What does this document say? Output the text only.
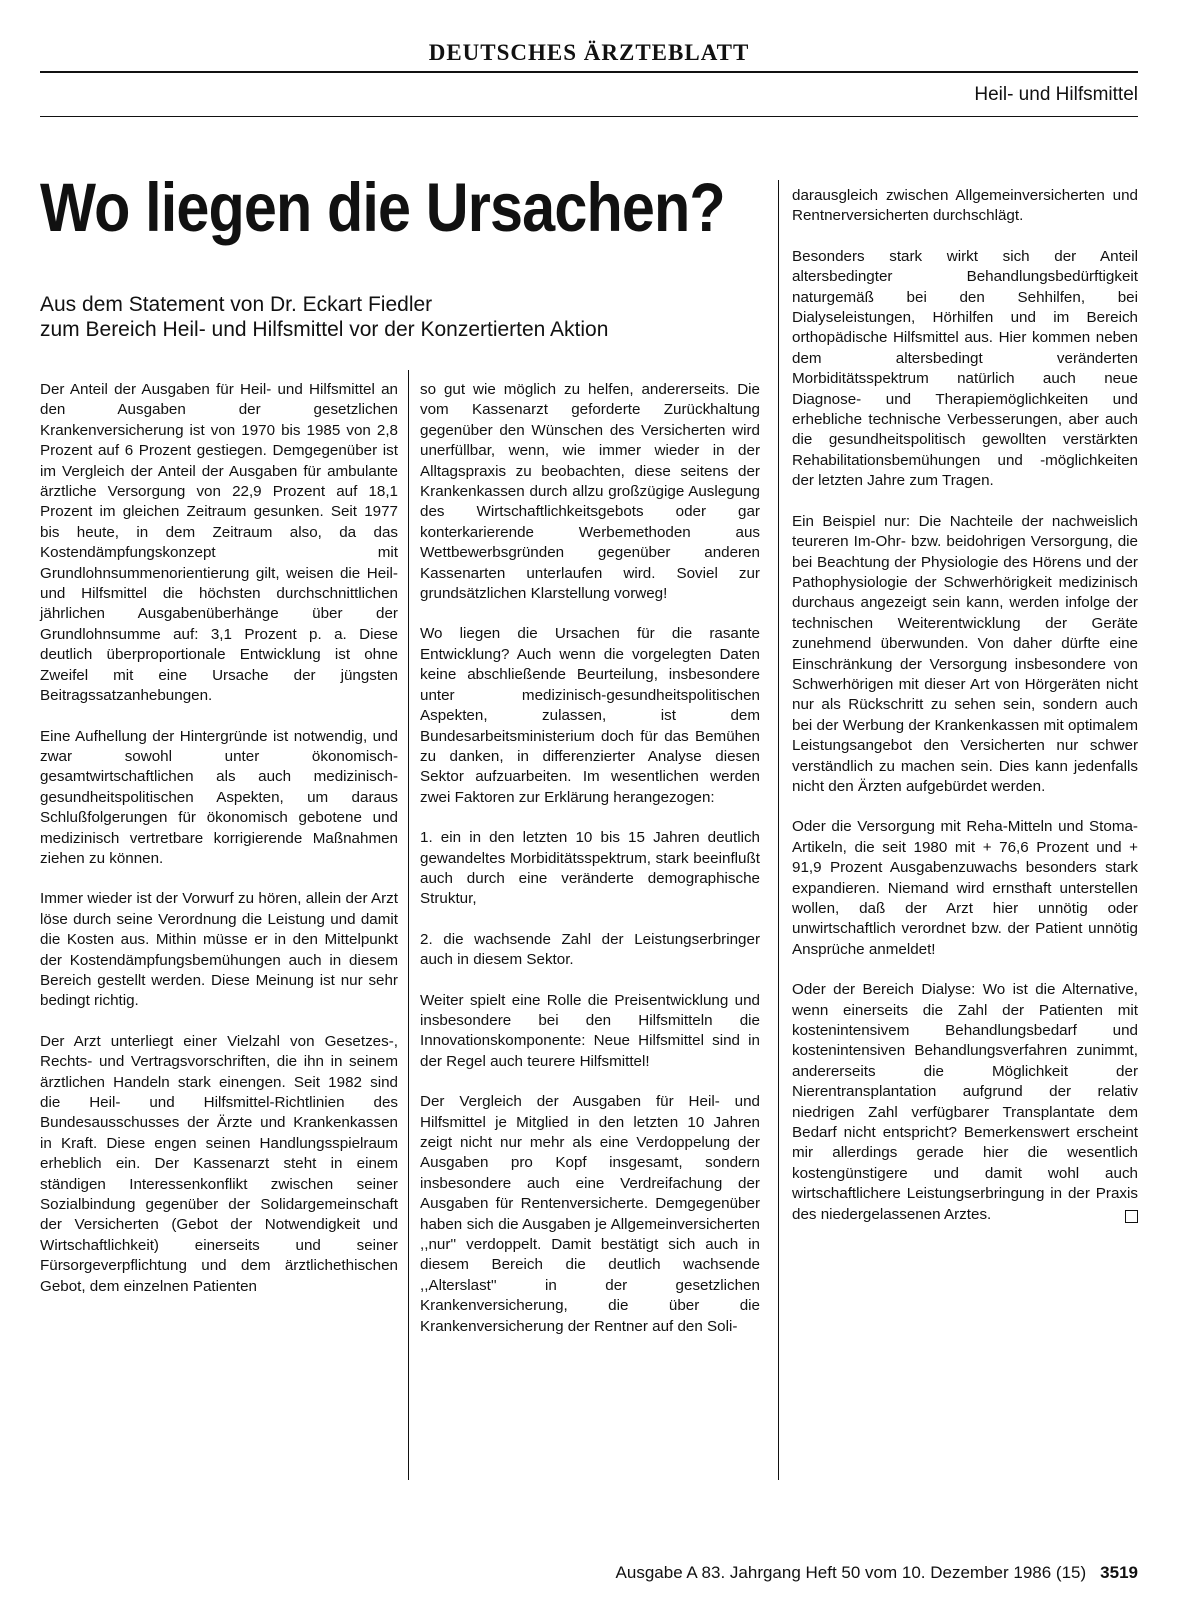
DEUTSCHES ÄRZTEBLATT
Heil- und Hilfsmittel
Wo liegen die Ursachen?
Aus dem Statement von Dr. Eckart Fiedler
zum Bereich Heil- und Hilfsmittel vor der Konzertierten Aktion

Der Anteil der Ausgaben für Heil- und Hilfsmittel an den Ausgaben der gesetzlichen Krankenversicherung ist von 1970 bis 1985 von 2,8 Prozent auf 6 Prozent gestiegen. Demgegenüber ist im Vergleich der Anteil der Ausgaben für ambulante ärztliche Versorgung von 22,9 Prozent auf 18,1 Prozent im gleichen Zeitraum gesunken. Seit 1977 bis heute, in dem Zeitraum also, da das Kostendämpfungskonzept mit Grundlohnsummenorientierung gilt, weisen die Heil- und Hilfsmittel die höchsten durchschnittlichen jährlichen Ausgabenüberhänge über der Grundlohnsumme auf: 3,1 Prozent p. a. Diese deutlich überproportionale Entwicklung ist ohne Zweifel mit eine Ursache der jüngsten Beitragssatzanhebungen.

Eine Aufhellung der Hintergründe ist notwendig, und zwar sowohl unter ökonomisch-gesamtwirtschaftlichen als auch medizinisch-gesundheitspolitischen Aspekten, um daraus Schlußfolgerungen für ökonomisch gebotene und medizinisch vertretbare korrigierende Maßnahmen ziehen zu können.

Immer wieder ist der Vorwurf zu hören, allein der Arzt löse durch seine Verordnung die Leistung und damit die Kosten aus. Mithin müsse er in den Mittelpunkt der Kostendämpfungsbemühungen auch in diesem Bereich gestellt werden. Diese Meinung ist nur sehr bedingt richtig.

Der Arzt unterliegt einer Vielzahl von Gesetzes-, Rechts- und Vertragsvorschriften, die ihn in seinem ärztlichen Handeln stark einengen. Seit 1982 sind die Heil- und Hilfsmittel-Richtlinien des Bundesausschusses der Ärzte und Krankenkassen in Kraft. Diese engen seinen Handlungsspielraum erheblich ein. Der Kassenarzt steht in einem ständigen Interessenkonflikt zwischen seiner Sozialbindung gegenüber der Solidargemeinschaft der Versicherten (Gebot der Notwendigkeit und Wirtschaftlichkeit) einerseits und seiner Fürsorgeverpflichtung und dem ärztlichethischen Gebot, dem einzelnen Patienten

so gut wie möglich zu helfen, andererseits. Die vom Kassenarzt geforderte Zurückhaltung gegenüber den Wünschen des Versicherten wird unerfüllbar, wenn, wie immer wieder in der Alltagspraxis zu beobachten, diese seitens der Krankenkassen durch allzu großzügige Auslegung des Wirtschaftlichkeitsgebots oder gar konterkarierende Werbemethoden aus Wettbewerbsgründen gegenüber anderen Kassenarten unterlaufen wird. Soviel zur grundsätzlichen Klarstellung vorweg!

Wo liegen die Ursachen für die rasante Entwicklung? Auch wenn die vorgelegten Daten keine abschließende Beurteilung, insbesondere unter medizinisch-gesundheitspolitischen Aspekten, zulassen, ist dem Bundesarbeitsministerium doch für das Bemühen zu danken, in differenzierter Analyse diesen Sektor aufzuarbeiten. Im wesentlichen werden zwei Faktoren zur Erklärung herangezogen:

1. ein in den letzten 10 bis 15 Jahren deutlich gewandeltes Morbiditätsspektrum, stark beeinflußt auch durch eine veränderte demographische Struktur,

2. die wachsende Zahl der Leistungserbringer auch in diesem Sektor.

Weiter spielt eine Rolle die Preisentwicklung und insbesondere bei den Hilfsmitteln die Innovationskomponente: Neue Hilfsmittel sind in der Regel auch teurere Hilfsmittel!

Der Vergleich der Ausgaben für Heil- und Hilfsmittel je Mitglied in den letzten 10 Jahren zeigt nicht nur mehr als eine Verdoppelung der Ausgaben pro Kopf insgesamt, sondern insbesondere auch eine Verdreifachung der Ausgaben für Rentenversicherte. Demgegenüber haben sich die Ausgaben je Allgemeinversicherten ,,nur'' verdoppelt. Damit bestätigt sich auch in diesem Bereich die deutlich wachsende ,,Alterslast'' in der gesetzlichen Krankenversicherung, die über die Krankenversicherung der Rentner auf den Soli-

darausgleich zwischen Allgemeinversicherten und Rentnerversicherten durchschlägt.

Besonders stark wirkt sich der Anteil altersbedingter Behandlungsbedürftigkeit naturgemäß bei den Sehhilfen, bei Dialyseleistungen, Hörhilfen und im Bereich orthopädische Hilfsmittel aus. Hier kommen neben dem altersbedingt veränderten Morbiditätsspektrum natürlich auch neue Diagnose- und Therapiemöglichkeiten und erhebliche technische Verbesserungen, aber auch die gesundheitspolitisch gewollten verstärkten Rehabilitationsbemühungen und -möglichkeiten der letzten Jahre zum Tragen.

Ein Beispiel nur: Die Nachteile der nachweislich teureren Im-Ohr- bzw. beidohrigen Versorgung, die bei Beachtung der Physiologie des Hörens und der Pathophysiologie der Schwerhörigkeit medizinisch durchaus angezeigt sein kann, werden infolge der technischen Weiterentwicklung der Geräte zunehmend überwunden. Von daher dürfte eine Einschränkung der Versorgung insbesondere von Schwerhörigen mit dieser Art von Hörgeräten nicht nur als Rückschritt zu sehen sein, sondern auch bei der Werbung der Krankenkassen mit optimalem Leistungsangebot den Versicherten nur schwer verständlich zu machen sein. Dies kann jedenfalls nicht den Ärzten aufgebürdet werden.

Oder die Versorgung mit Reha-Mitteln und Stoma-Artikeln, die seit 1980 mit + 76,6 Prozent und + 91,9 Prozent Ausgabenzuwachs besonders stark expandieren. Niemand wird ernsthaft unterstellen wollen, daß der Arzt hier unnötig oder unwirtschaftlich verordnet bzw. der Patient unnötig Ansprüche anmeldet!

Oder der Bereich Dialyse: Wo ist die Alternative, wenn einerseits die Zahl der Patienten mit kostenintensivem Behandlungsbedarf und kostenintensiven Behandlungsverfahren zunimmt, andererseits die Möglichkeit der Nierentransplantation aufgrund der relativ niedrigen Zahl verfügbarer Transplantate dem Bedarf nicht entspricht? Bemerkenswert erscheint mir allerdings gerade hier die wesentlich kostengünstigere und damit wohl auch wirtschaftlichere Leistungserbringung in der Praxis des niedergelassenen Arztes.

Ausgabe A 83. Jahrgang Heft 50 vom 10. Dezember 1986 (15) 3519
